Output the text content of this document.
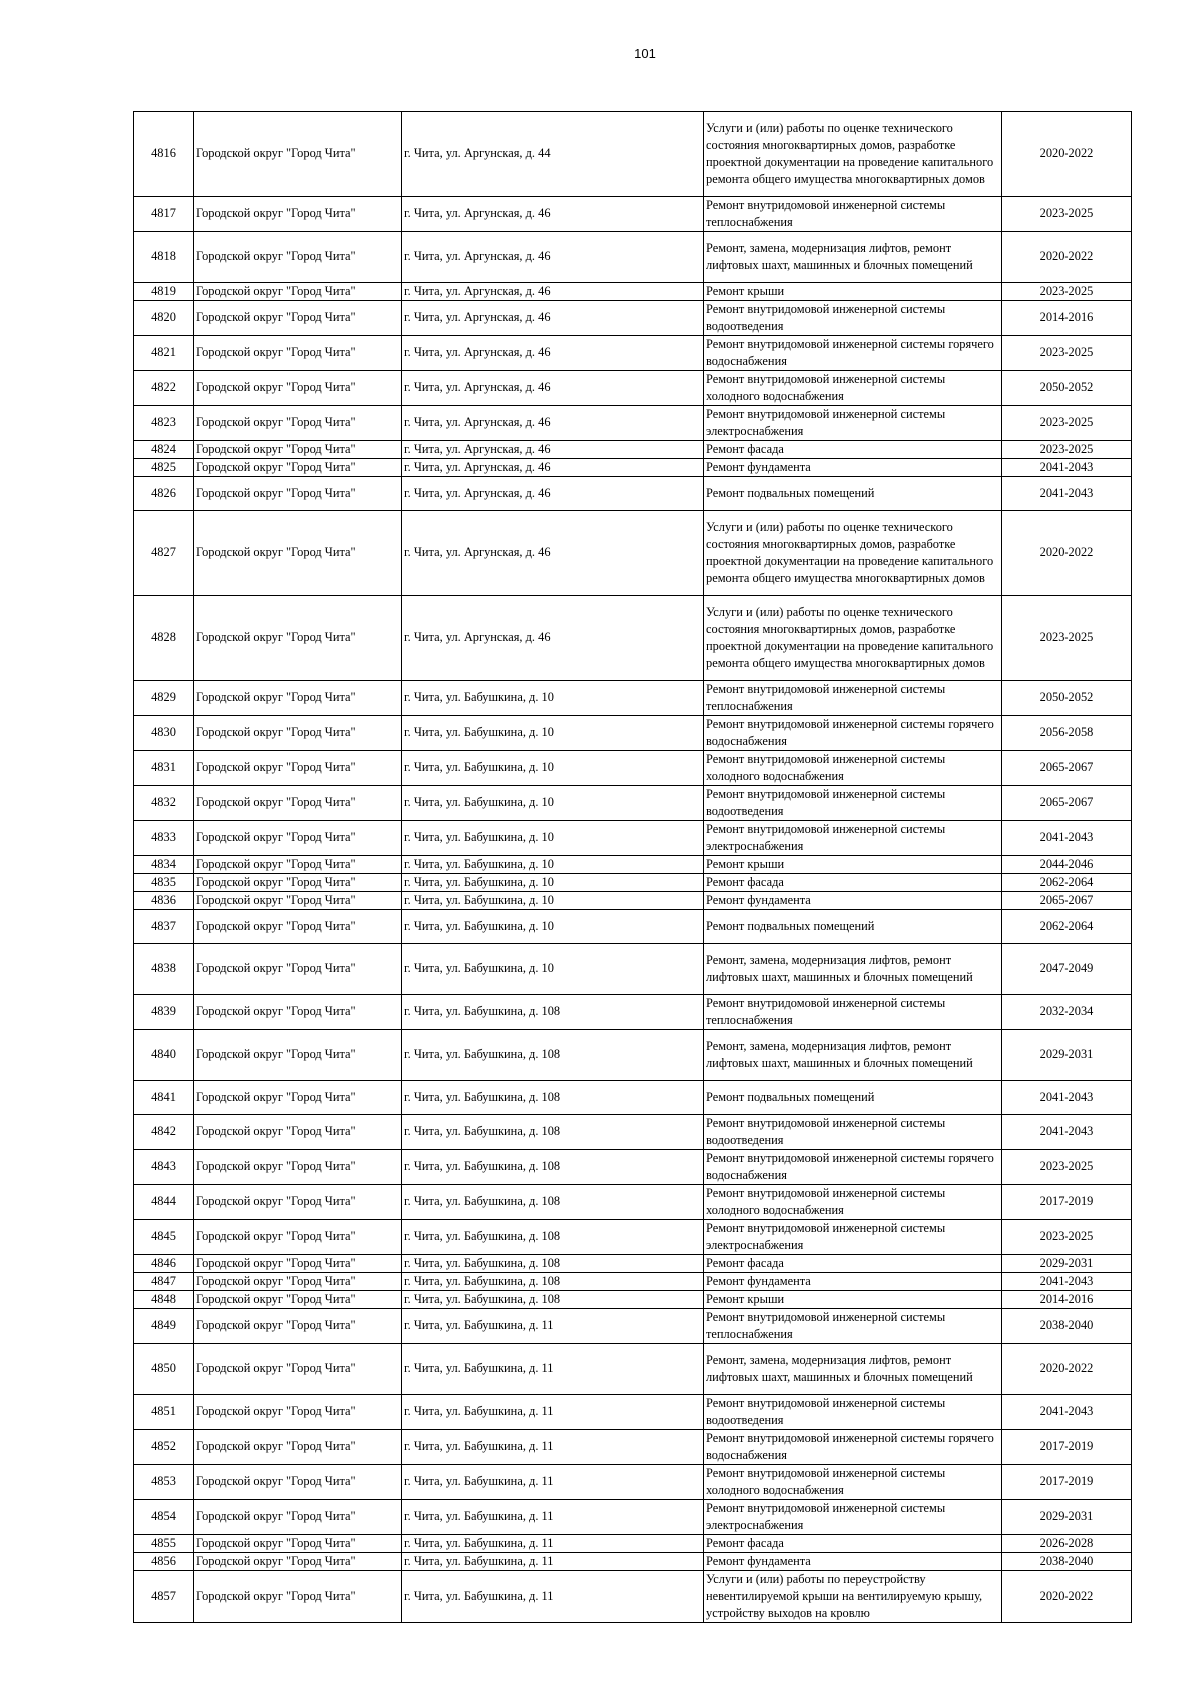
101
4816	Городской округ "Город Чита"	г. Чита, ул. Аргунская, д. 44	Услуги и (или) работы по оценке технического состояния многоквартирных домов, разработке проектной документации на проведение капитального ремонта общего имущества многоквартирных домов	2020-2022
4817	Городской округ "Город Чита"	г. Чита, ул. Аргунская, д. 46	Ремонт внутридомовой инженерной системы теплоснабжения	2023-2025
4818	Городской округ "Город Чита"	г. Чита, ул. Аргунская, д. 46	Ремонт, замена, модернизация лифтов, ремонт лифтовых шахт, машинных и блочных помещений	2020-2022
4819	Городской округ "Город Чита"	г. Чита, ул. Аргунская, д. 46	Ремонт крыши	2023-2025
4820	Городской округ "Город Чита"	г. Чита, ул. Аргунская, д. 46	Ремонт внутридомовой инженерной системы водоотведения	2014-2016
4821	Городской округ "Город Чита"	г. Чита, ул. Аргунская, д. 46	Ремонт внутридомовой инженерной системы горячего водоснабжения	2023-2025
4822	Городской округ "Город Чита"	г. Чита, ул. Аргунская, д. 46	Ремонт внутридомовой инженерной системы холодного водоснабжения	2050-2052
4823	Городской округ "Город Чита"	г. Чита, ул. Аргунская, д. 46	Ремонт внутридомовой инженерной системы электроснабжения	2023-2025
4824	Городской округ "Город Чита"	г. Чита, ул. Аргунская, д. 46	Ремонт фасада	2023-2025
4825	Городской округ "Город Чита"	г. Чита, ул. Аргунская, д. 46	Ремонт фундамента	2041-2043
4826	Городской округ "Город Чита"	г. Чита, ул. Аргунская, д. 46	Ремонт подвальных помещений	2041-2043
4827	Городской округ "Город Чита"	г. Чита, ул. Аргунская, д. 46	Услуги и (или) работы по оценке технического состояния многоквартирных домов, разработке проектной документации на проведение капитального ремонта общего имущества многоквартирных домов	2020-2022
4828	Городской округ "Город Чита"	г. Чита, ул. Аргунская, д. 46	Услуги и (или) работы по оценке технического состояния многоквартирных домов, разработке проектной документации на проведение капитального ремонта общего имущества многоквартирных домов	2023-2025
4829	Городской округ "Город Чита"	г. Чита, ул. Бабушкина, д. 10	Ремонт внутридомовой инженерной системы теплоснабжения	2050-2052
4830	Городской округ "Город Чита"	г. Чита, ул. Бабушкина, д. 10	Ремонт внутридомовой инженерной системы горячего водоснабжения	2056-2058
4831	Городской округ "Город Чита"	г. Чита, ул. Бабушкина, д. 10	Ремонт внутридомовой инженерной системы холодного водоснабжения	2065-2067
4832	Городской округ "Город Чита"	г. Чита, ул. Бабушкина, д. 10	Ремонт внутридомовой инженерной системы водоотведения	2065-2067
4833	Городской округ "Город Чита"	г. Чита, ул. Бабушкина, д. 10	Ремонт внутридомовой инженерной системы электроснабжения	2041-2043
4834	Городской округ "Город Чита"	г. Чита, ул. Бабушкина, д. 10	Ремонт крыши	2044-2046
4835	Городской округ "Город Чита"	г. Чита, ул. Бабушкина, д. 10	Ремонт фасада	2062-2064
4836	Городской округ "Город Чита"	г. Чита, ул. Бабушкина, д. 10	Ремонт фундамента	2065-2067
4837	Городской округ "Город Чита"	г. Чита, ул. Бабушкина, д. 10	Ремонт подвальных помещений	2062-2064
4838	Городской округ "Город Чита"	г. Чита, ул. Бабушкина, д. 10	Ремонт, замена, модернизация лифтов, ремонт лифтовых шахт, машинных и блочных помещений	2047-2049
4839	Городской округ "Город Чита"	г. Чита, ул. Бабушкина, д. 108	Ремонт внутридомовой инженерной системы теплоснабжения	2032-2034
4840	Городской округ "Город Чита"	г. Чита, ул. Бабушкина, д. 108	Ремонт, замена, модернизация лифтов, ремонт лифтовых шахт, машинных и блочных помещений	2029-2031
4841	Городской округ "Город Чита"	г. Чита, ул. Бабушкина, д. 108	Ремонт подвальных помещений	2041-2043
4842	Городской округ "Город Чита"	г. Чита, ул. Бабушкина, д. 108	Ремонт внутридомовой инженерной системы водоотведения	2041-2043
4843	Городской округ "Город Чита"	г. Чита, ул. Бабушкина, д. 108	Ремонт внутридомовой инженерной системы горячего водоснабжения	2023-2025
4844	Городской округ "Город Чита"	г. Чита, ул. Бабушкина, д. 108	Ремонт внутридомовой инженерной системы холодного водоснабжения	2017-2019
4845	Городской округ "Город Чита"	г. Чита, ул. Бабушкина, д. 108	Ремонт внутридомовой инженерной системы электроснабжения	2023-2025
4846	Городской округ "Город Чита"	г. Чита, ул. Бабушкина, д. 108	Ремонт фасада	2029-2031
4847	Городской округ "Город Чита"	г. Чита, ул. Бабушкина, д. 108	Ремонт фундамента	2041-2043
4848	Городской округ "Город Чита"	г. Чита, ул. Бабушкина, д. 108	Ремонт крыши	2014-2016
4849	Городской округ "Город Чита"	г. Чита, ул. Бабушкина, д. 11	Ремонт внутридомовой инженерной системы теплоснабжения	2038-2040
4850	Городской округ "Город Чита"	г. Чита, ул. Бабушкина, д. 11	Ремонт, замена, модернизация лифтов, ремонт лифтовых шахт, машинных и блочных помещений	2020-2022
4851	Городской округ "Город Чита"	г. Чита, ул. Бабушкина, д. 11	Ремонт внутридомовой инженерной системы водоотведения	2041-2043
4852	Городской округ "Город Чита"	г. Чита, ул. Бабушкина, д. 11	Ремонт внутридомовой инженерной системы горячего водоснабжения	2017-2019
4853	Городской округ "Город Чита"	г. Чита, ул. Бабушкина, д. 11	Ремонт внутридомовой инженерной системы холодного водоснабжения	2017-2019
4854	Городской округ "Город Чита"	г. Чита, ул. Бабушкина, д. 11	Ремонт внутридомовой инженерной системы электроснабжения	2029-2031
4855	Городской округ "Город Чита"	г. Чита, ул. Бабушкина, д. 11	Ремонт фасада	2026-2028
4856	Городской округ "Город Чита"	г. Чита, ул. Бабушкина, д. 11	Ремонт фундамента	2038-2040
4857	Городской округ "Город Чита"	г. Чита, ул. Бабушкина, д. 11	Услуги и (или) работы по переустройству невентилируемой крыши на вентилируемую крышу, устройству выходов на кровлю	2020-2022
